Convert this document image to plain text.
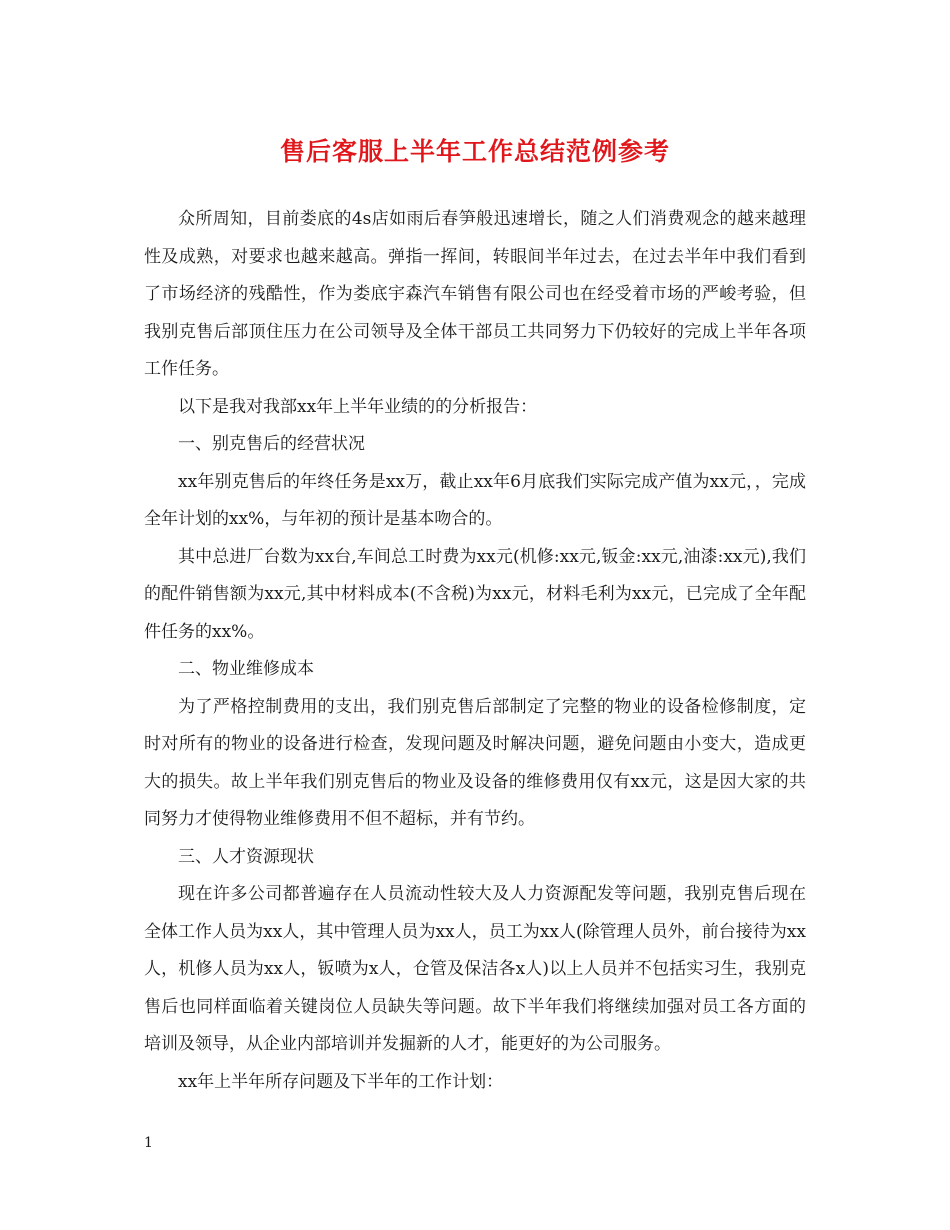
售后客服上半年工作总结范例参考

众所周知，目前娄底的4s店如雨后春笋般迅速增长，随之人们消费观念的越来越理性及成熟，对要求也越来越高。弹指一挥间，转眼间半年过去，在过去半年中我们看到了市场经济的残酷性，作为娄底宇森汽车销售有限公司也在经受着市场的严峻考验，但我别克售后部顶住压力在公司领导及全体干部员工共同努力下仍较好的完成上半年各项工作任务。

以下是我对我部xx年上半年业绩的的分析报告：

一、别克售后的经营状况

xx年别克售后的年终任务是xx万，截止xx年6月底我们实际完成产值为xx元，，完成全年计划的xx%，与年初的预计是基本吻合的。

其中总进厂台数为xx台,车间总工时费为xx元(机修:xx元,钣金:xx元,油漆:xx元),我们的配件销售额为xx元,其中材料成本(不含税)为xx元，材料毛利为xx元，已完成了全年配件任务的xx%。

二、物业维修成本

为了严格控制费用的支出，我们别克售后部制定了完整的物业的设备检修制度，定时对所有的物业的设备进行检查，发现问题及时解决问题，避免问题由小变大，造成更大的损失。故上半年我们别克售后的物业及设备的维修费用仅有xx元，这是因大家的共同努力才使得物业维修费用不但不超标，并有节约。

三、人才资源现状

现在许多公司都普遍存在人员流动性较大及人力资源配发等问题，我别克售后现在全体工作人员为xx人，其中管理人员为xx人，员工为xx人(除管理人员外，前台接待为xx人，机修人员为xx人，钣喷为x人，仓管及保洁各x人)以上人员并不包括实习生，我别克售后也同样面临着关键岗位人员缺失等问题。故下半年我们将继续加强对员工各方面的培训及领导，从企业内部培训并发掘新的人才，能更好的为公司服务。

xx年上半年所存问题及下半年的工作计划：

1
